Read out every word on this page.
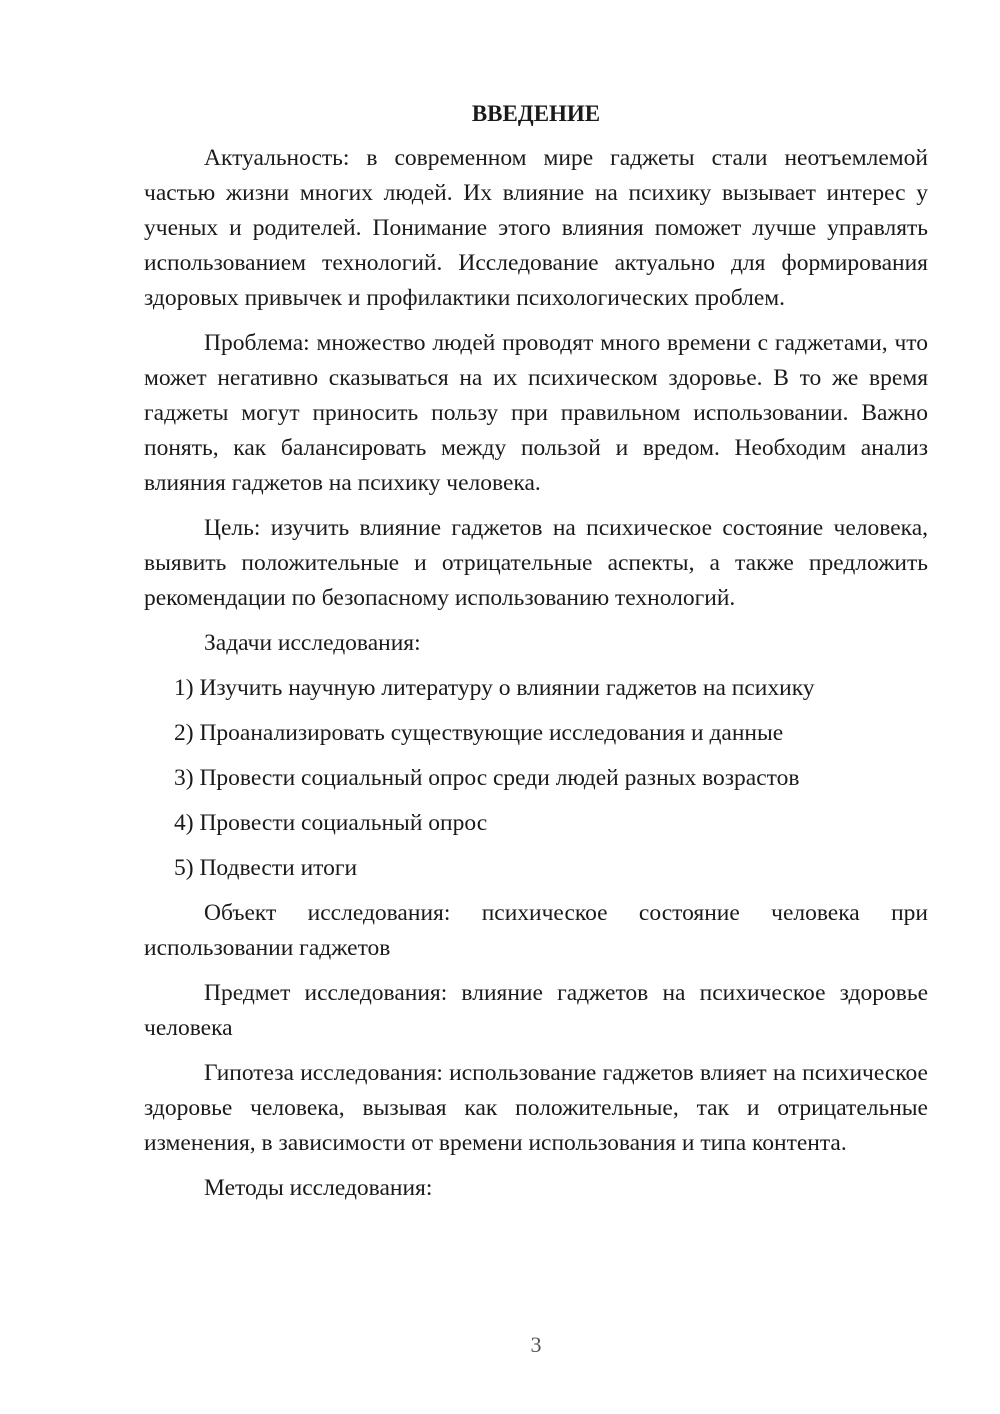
ВВЕДЕНИЕ

Актуальность: в современном мире гаджеты стали неотъемлемой частью жизни многих людей. Их влияние на психику вызывает интерес у ученых и родителей. Понимание этого влияния поможет лучше управлять использованием технологий. Исследование актуально для формирования здоровых привычек и профилактики психологических проблем.

Проблема: множество людей проводят много времени с гаджетами, что может негативно сказываться на их психическом здоровье. В то же время гаджеты могут приносить пользу при правильном использовании. Важно понять, как балансировать между пользой и вредом. Необходим анализ влияния гаджетов на психику человека.

Цель: изучить влияние гаджетов на психическое состояние человека, выявить положительные и отрицательные аспекты, а также предложить рекомендации по безопасному использованию технологий.

Задачи исследования:

1) Изучить научную литературу о влиянии гаджетов на психику
2) Проанализировать существующие исследования и данные
3) Провести социальный опрос среди людей разных возрастов
4) Провести социальный опрос
5) Подвести итоги

Объект исследования: психическое состояние человека при использовании гаджетов

Предмет исследования: влияние гаджетов на психическое здоровье человека

Гипотеза исследования: использование гаджетов влияет на психическое здоровье человека, вызывая как положительные, так и отрицательные изменения, в зависимости от времени использования и типа контента.

Методы исследования:

3
